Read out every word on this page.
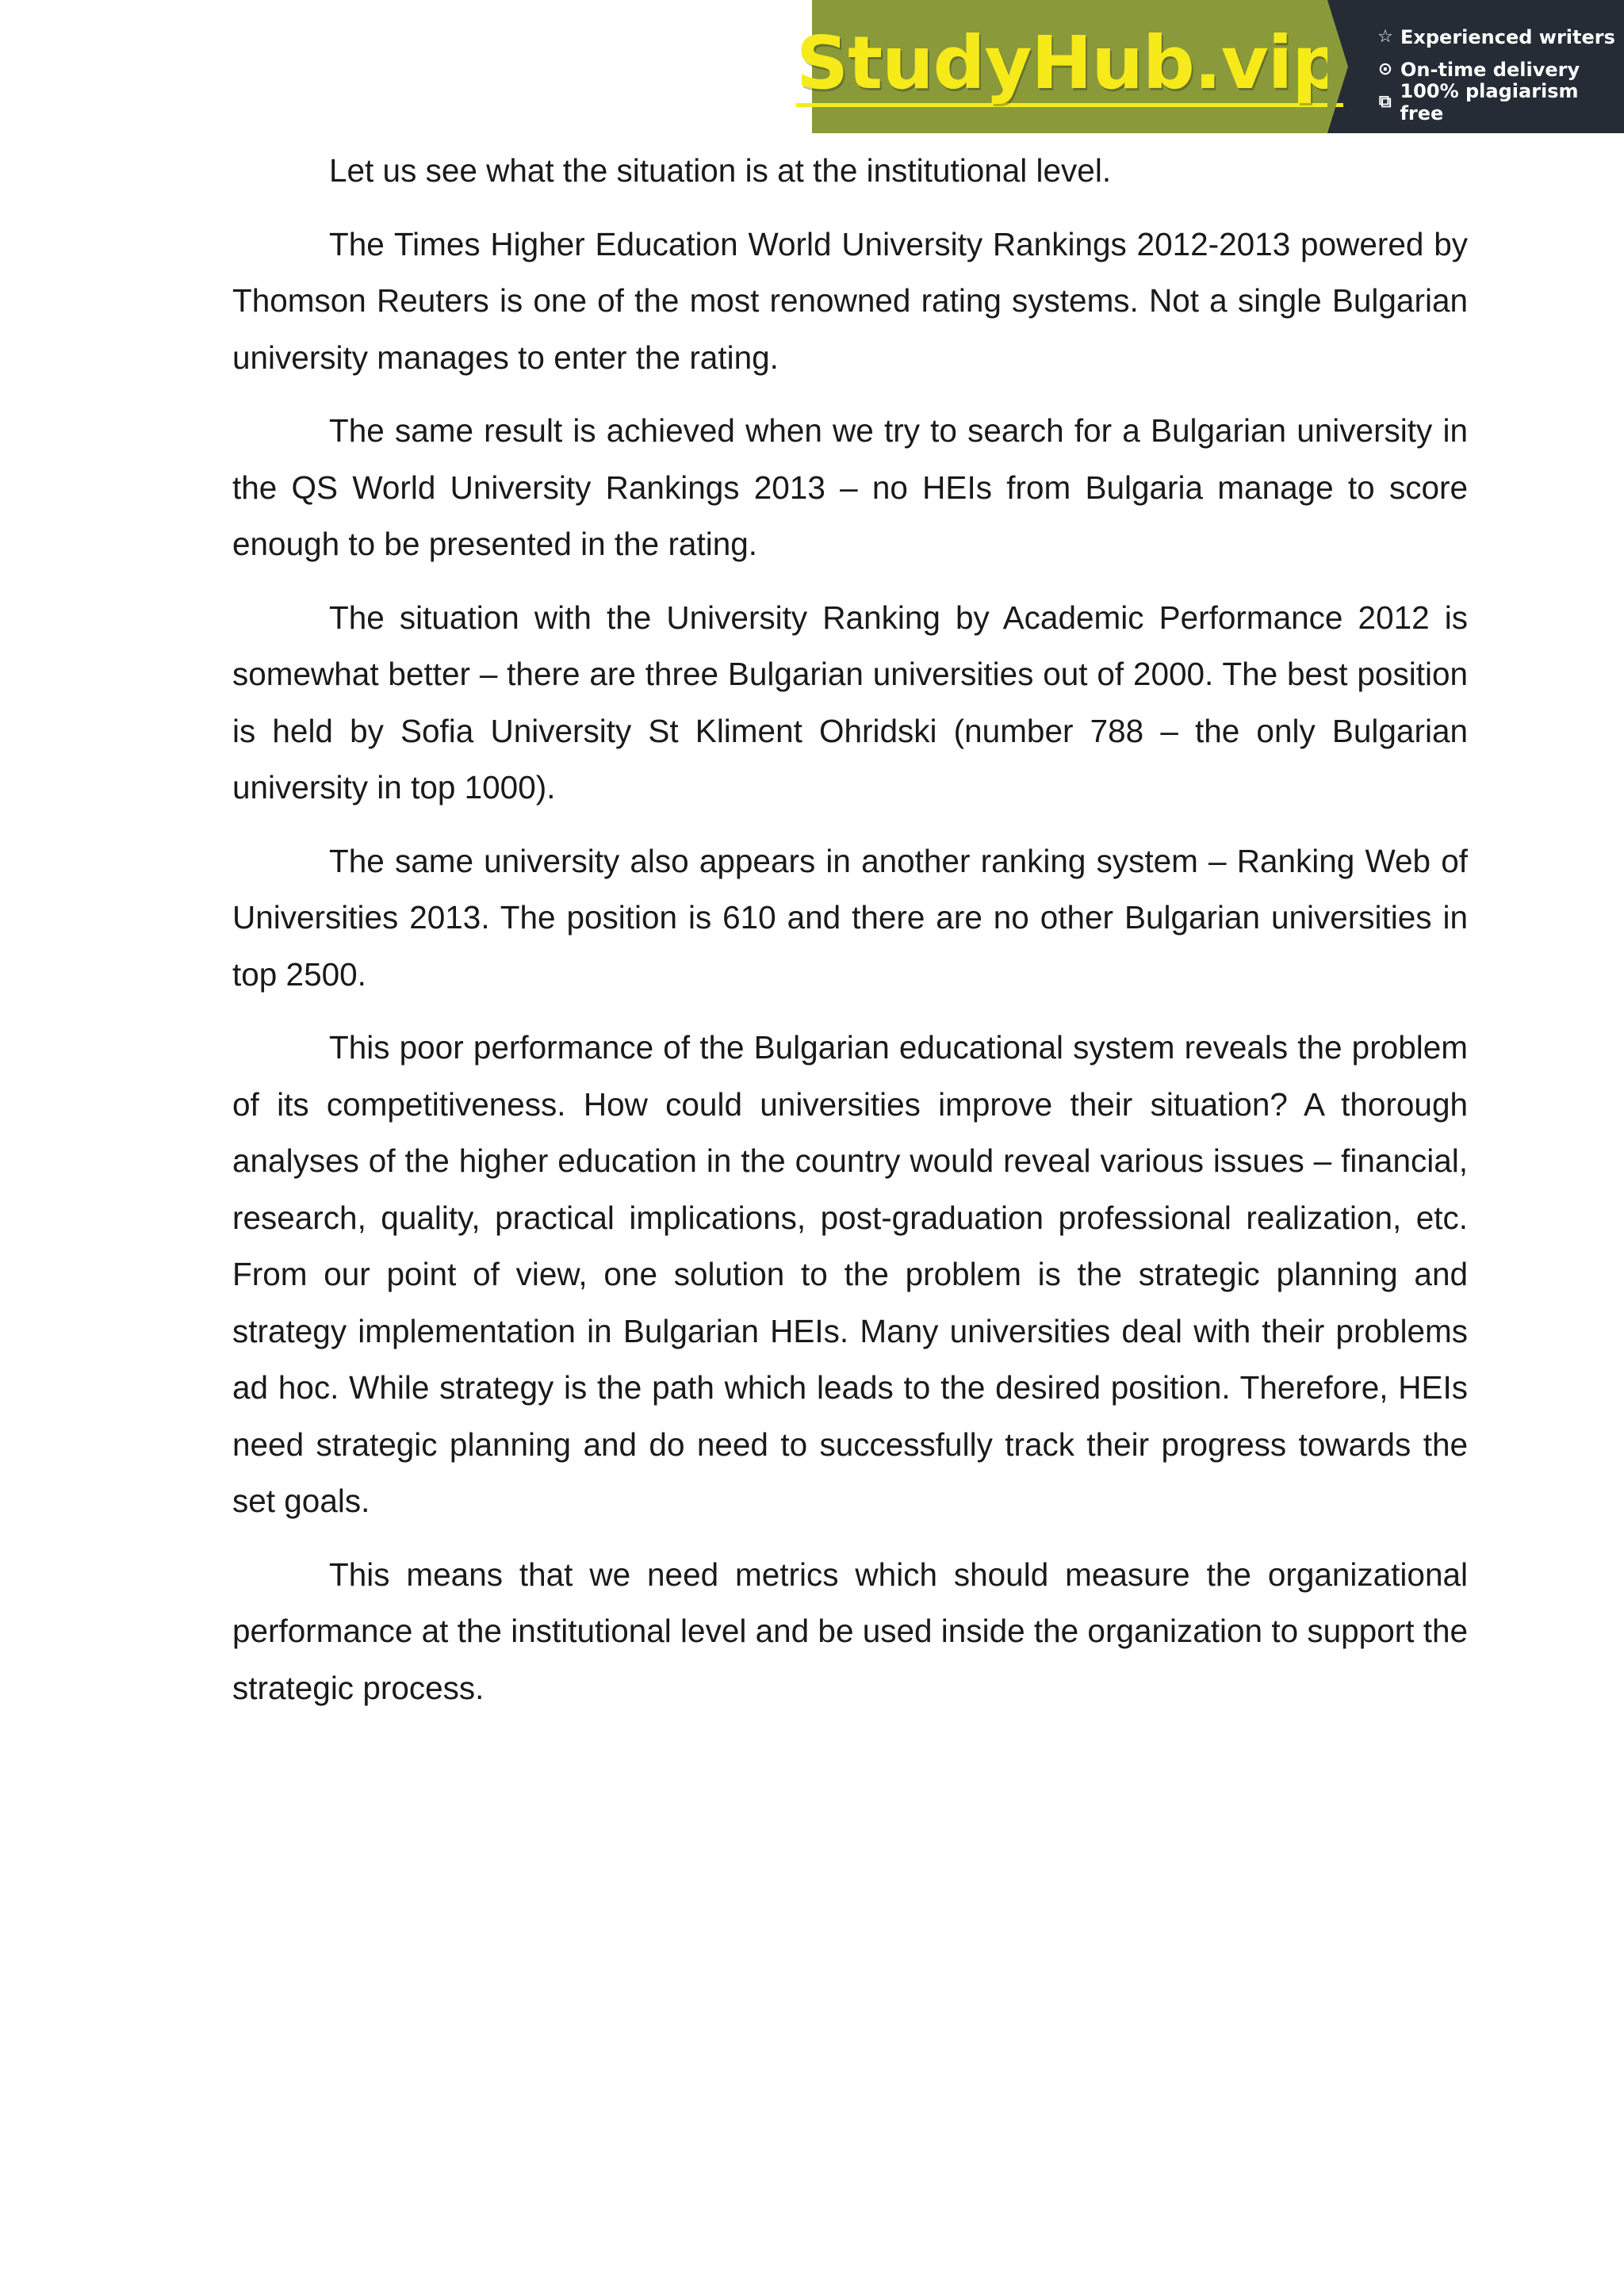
StudyHub.vip ☆ Experienced writers
⊙ On-time delivery
⧉ 100% plagiarism free

Let us see what the situation is at the institutional level.

The Times Higher Education World University Rankings 2012-2013 powered by Thomson Reuters is one of the most renowned rating systems. Not a single Bulgarian university manages to enter the rating.

The same result is achieved when we try to search for a Bulgarian university in the QS World University Rankings 2013 – no HEIs from Bulgaria manage to score enough to be presented in the rating.

The situation with the University Ranking by Academic Performance 2012 is somewhat better – there are three Bulgarian universities out of 2000. The best position is held by Sofia University St Kliment Ohridski (number 788 – the only Bulgarian university in top 1000).

The same university also appears in another ranking system – Ranking Web of Universities 2013. The position is 610 and there are no other Bulgarian universities in top 2500.

This poor performance of the Bulgarian educational system reveals the problem of its competitiveness. How could universities improve their situation? A thorough analyses of the higher education in the country would reveal various issues – financial, research, quality, practical implications, post-graduation professional realization, etc. From our point of view, one solution to the problem is the strategic planning and strategy implementation in Bulgarian HEIs. Many universities deal with their problems ad hoc. While strategy is the path which leads to the desired position. Therefore, HEIs need strategic planning and do need to successfully track their progress towards the set goals.

This means that we need metrics which should measure the organizational performance at the institutional level and be used inside the organization to support the strategic process.
